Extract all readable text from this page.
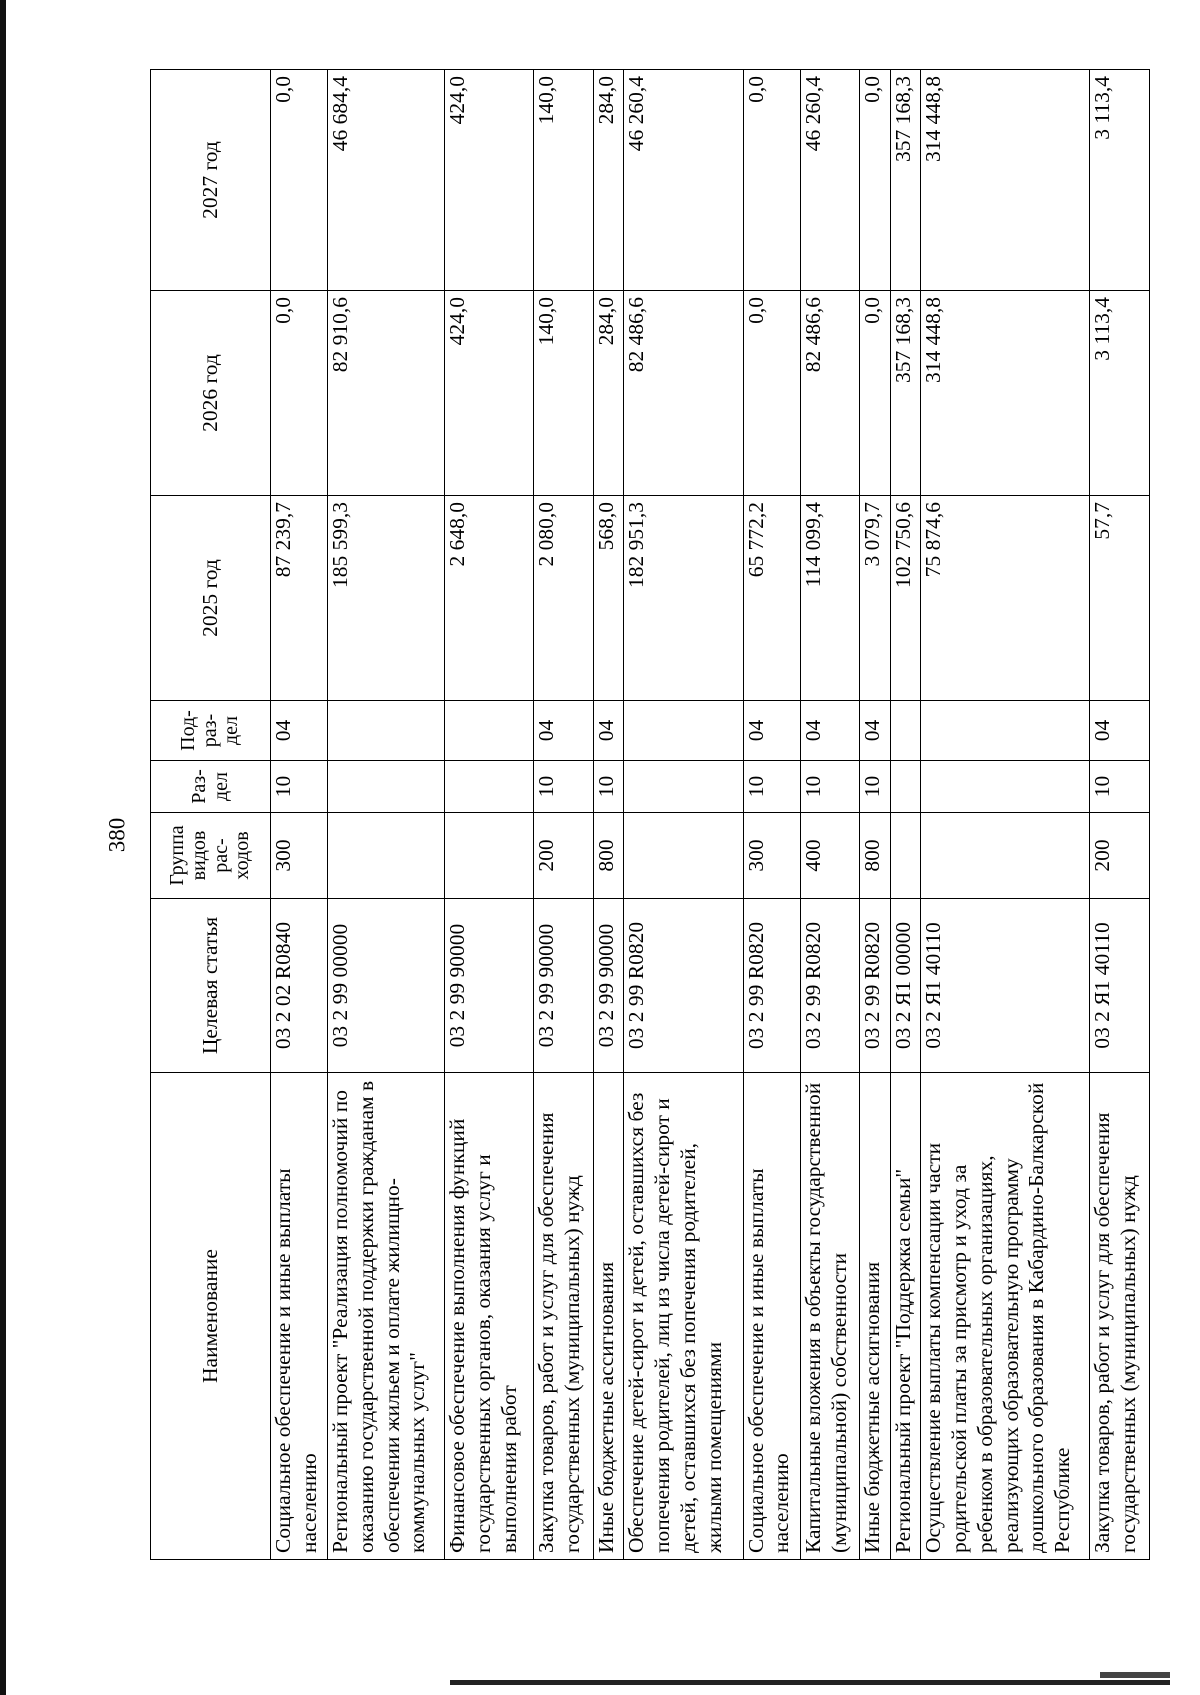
380
Наименование	Целевая статья	Группа видов рас- ходов	Раз- дел	Под- раз- дел	2025 год	2026 год	2027 год
Социальное обеспечение и иные выплаты населению	03 2 02 R0840	300	10	04	87 239,7	0,0	0,0
Региональный проект "Реализация полномочий по оказанию государственной поддержки гражданам в обеспечении жильем и оплате жилищно-коммунальных услуг"	03 2 99 00000				185 599,3	82 910,6	46 684,4
Финансовое обеспечение выполнения функций государственных органов, оказания услуг и выполнения работ	03 2 99 90000				2 648,0	424,0	424,0
Закупка товаров, работ и услуг для обеспечения государственных (муниципальных) нужд	03 2 99 90000	200	10	04	2 080,0	140,0	140,0
Иные бюджетные ассигнования	03 2 99 90000	800	10	04	568,0	284,0	284,0
Обеспечение детей-сирот и детей, оставшихся без попечения родителей, лиц из числа детей-сирот и детей, оставшихся без попечения родителей, жилыми помещениями	03 2 99 R0820				182 951,3	82 486,6	46 260,4
Социальное обеспечение и иные выплаты населению	03 2 99 R0820	300	10	04	65 772,2	0,0	0,0
Капитальные вложения в объекты государственной (муниципальной) собственности	03 2 99 R0820	400	10	04	114 099,4	82 486,6	46 260,4
Иные бюджетные ассигнования	03 2 99 R0820	800	10	04	3 079,7	0,0	0,0
Региональный проект "Поддержка семьи"	03 2 Я1 00000				102 750,6	357 168,3	357 168,3
Осуществление выплаты компенсации части родительской платы за присмотр и уход за ребенком в образовательных организациях, реализующих образовательную программу дошкольного образования в Кабардино-Балкарской Республике	03 2 Я1 40110				75 874,6	314 448,8	314 448,8
Закупка товаров, работ и услуг для обеспечения государственных (муниципальных) нужд	03 2 Я1 40110	200	10	04	57,7	3 113,4	3 113,4
